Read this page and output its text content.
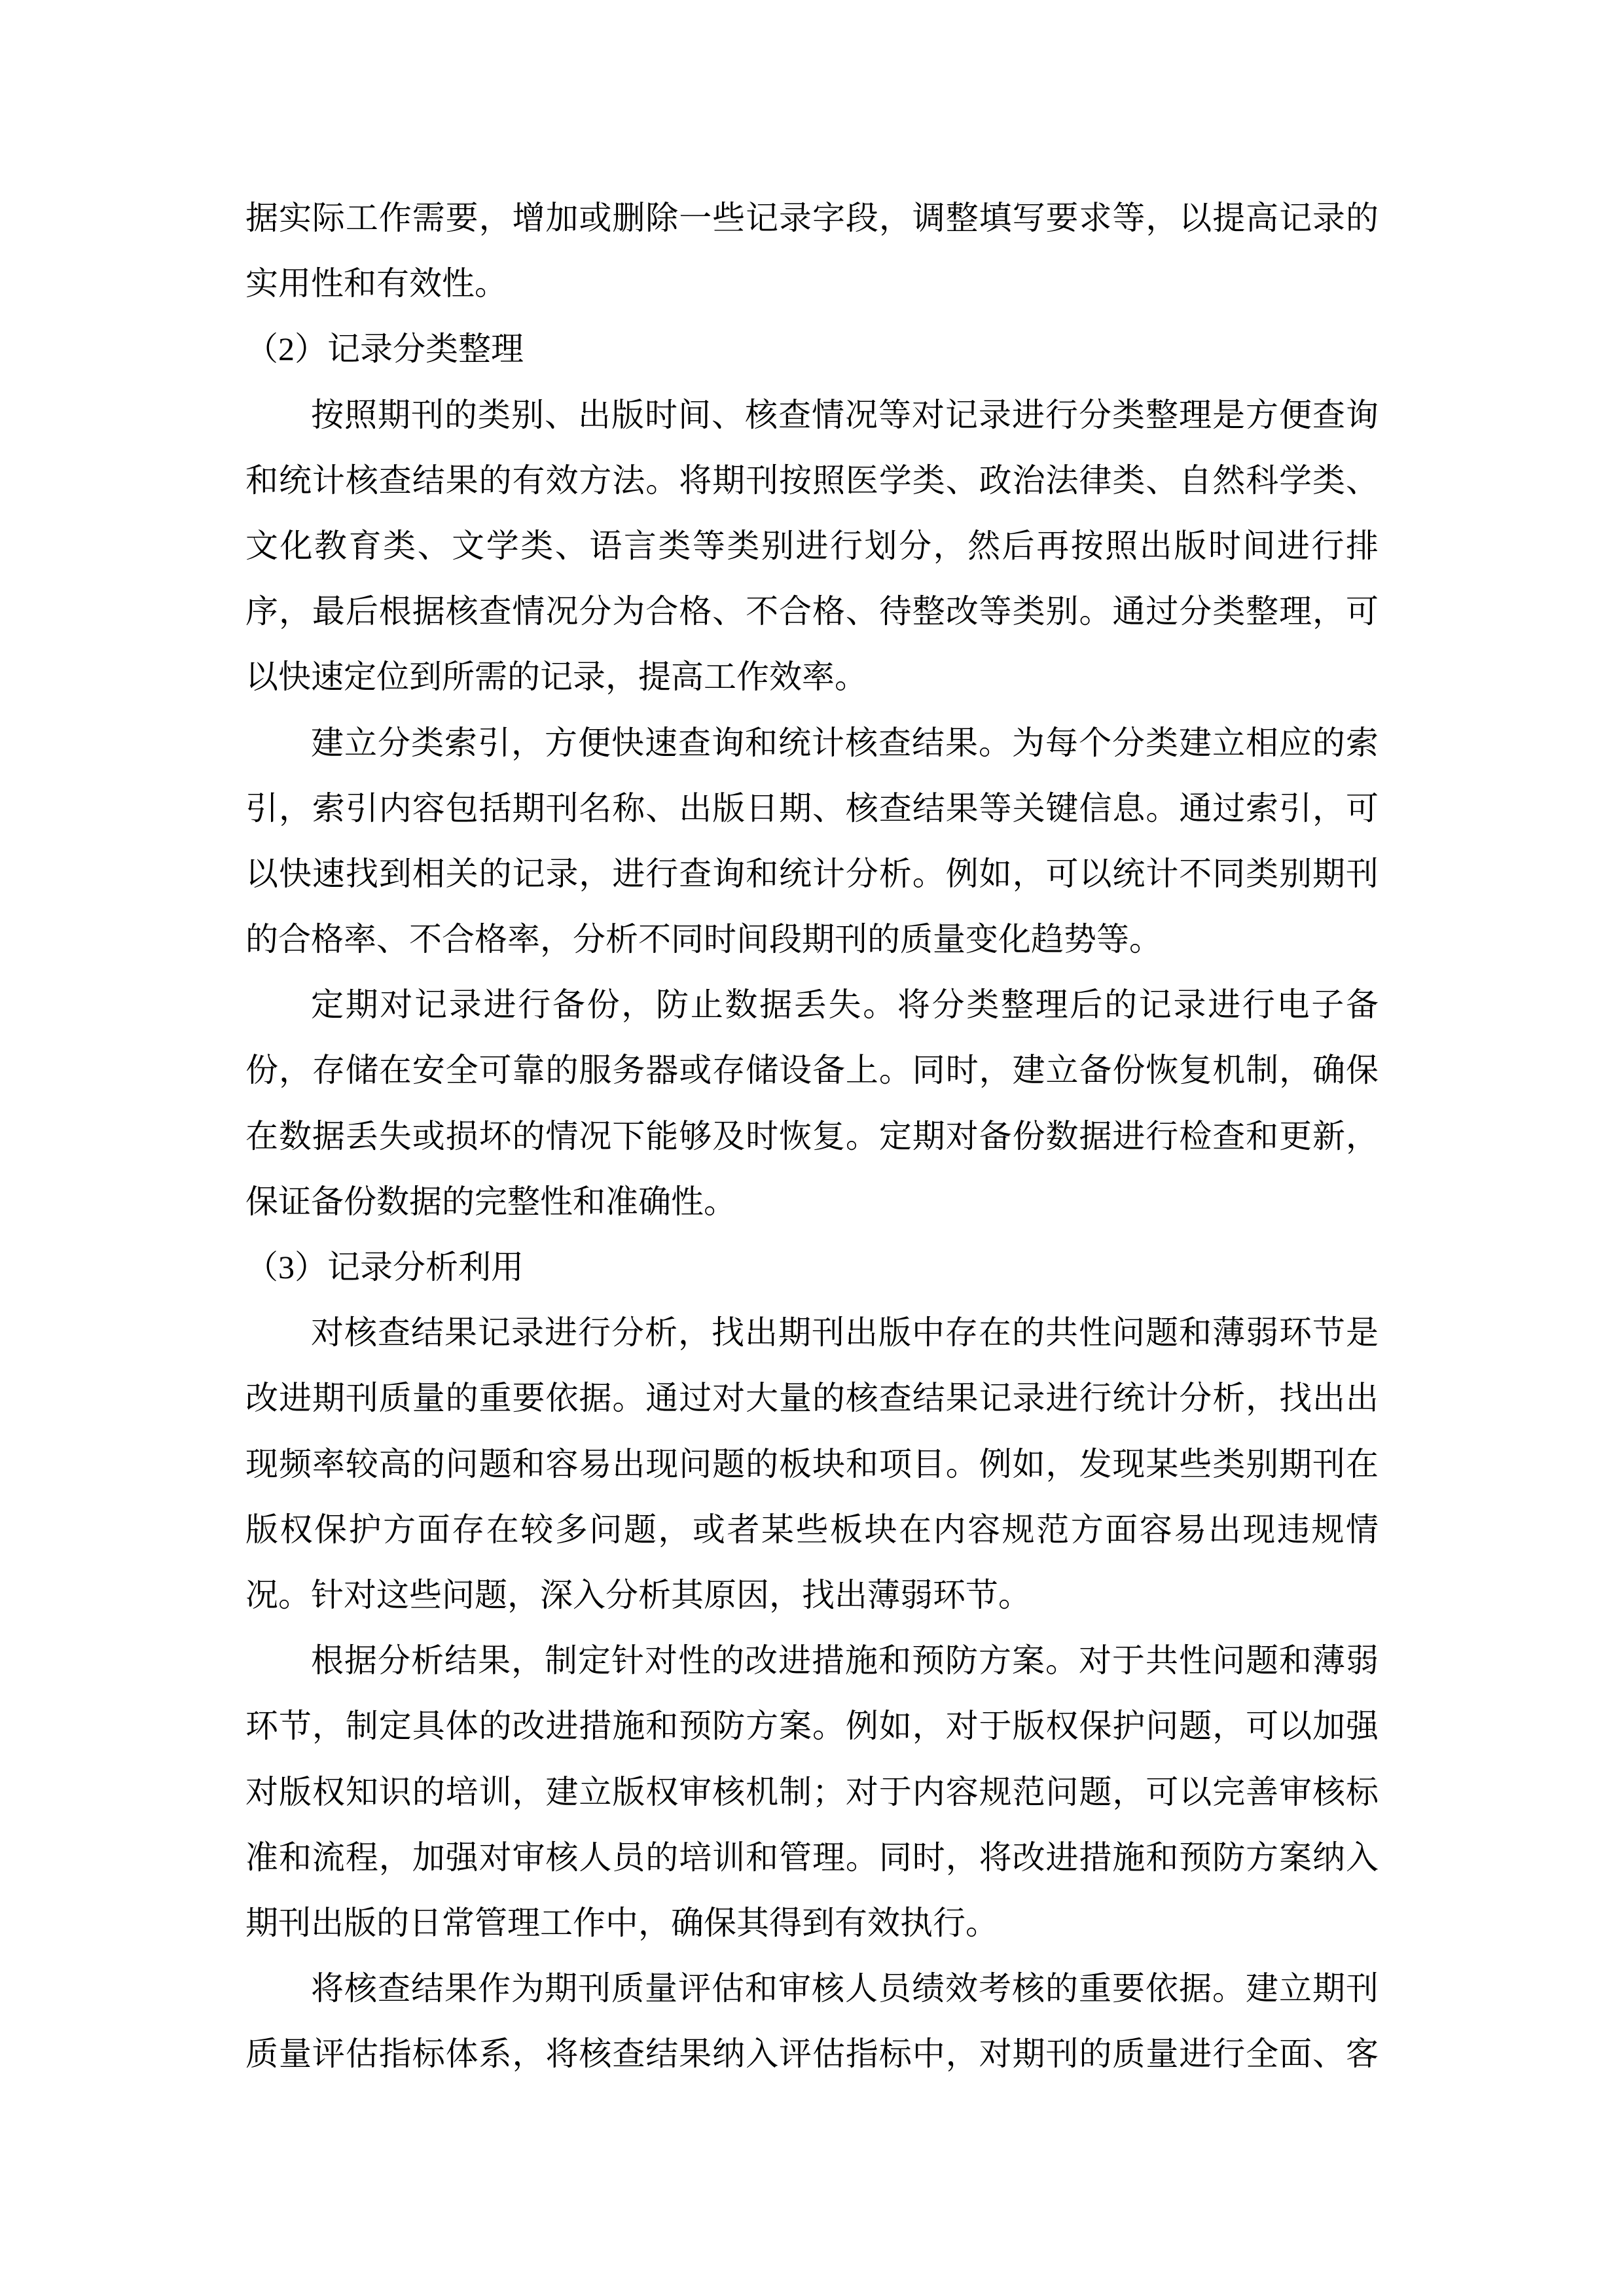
据实际工作需要，增加或删除一些记录字段，调整填写要求等，以提高记录的
实用性和有效性。
（2）记录分类整理
按照期刊的类别、出版时间、核查情况等对记录进行分类整理是方便查询
和统计核查结果的有效方法。将期刊按照医学类、政治法律类、自然科学类、
文化教育类、文学类、语言类等类别进行划分，然后再按照出版时间进行排
序，最后根据核查情况分为合格、不合格、待整改等类别。通过分类整理，可
以快速定位到所需的记录，提高工作效率。
建立分类索引，方便快速查询和统计核查结果。为每个分类建立相应的索
引，索引内容包括期刊名称、出版日期、核查结果等关键信息。通过索引，可
以快速找到相关的记录，进行查询和统计分析。例如，可以统计不同类别期刊
的合格率、不合格率，分析不同时间段期刊的质量变化趋势等。
定期对记录进行备份，防止数据丢失。将分类整理后的记录进行电子备
份，存储在安全可靠的服务器或存储设备上。同时，建立备份恢复机制，确保
在数据丢失或损坏的情况下能够及时恢复。定期对备份数据进行检查和更新，
保证备份数据的完整性和准确性。
（3）记录分析利用
对核查结果记录进行分析，找出期刊出版中存在的共性问题和薄弱环节是
改进期刊质量的重要依据。通过对大量的核查结果记录进行统计分析，找出出
现频率较高的问题和容易出现问题的板块和项目。例如，发现某些类别期刊在
版权保护方面存在较多问题，或者某些板块在内容规范方面容易出现违规情
况。针对这些问题，深入分析其原因，找出薄弱环节。
根据分析结果，制定针对性的改进措施和预防方案。对于共性问题和薄弱
环节，制定具体的改进措施和预防方案。例如，对于版权保护问题，可以加强
对版权知识的培训，建立版权审核机制；对于内容规范问题，可以完善审核标
准和流程，加强对审核人员的培训和管理。同时，将改进措施和预防方案纳入
期刊出版的日常管理工作中，确保其得到有效执行。
将核查结果作为期刊质量评估和审核人员绩效考核的重要依据。建立期刊
质量评估指标体系，将核查结果纳入评估指标中，对期刊的质量进行全面、客
